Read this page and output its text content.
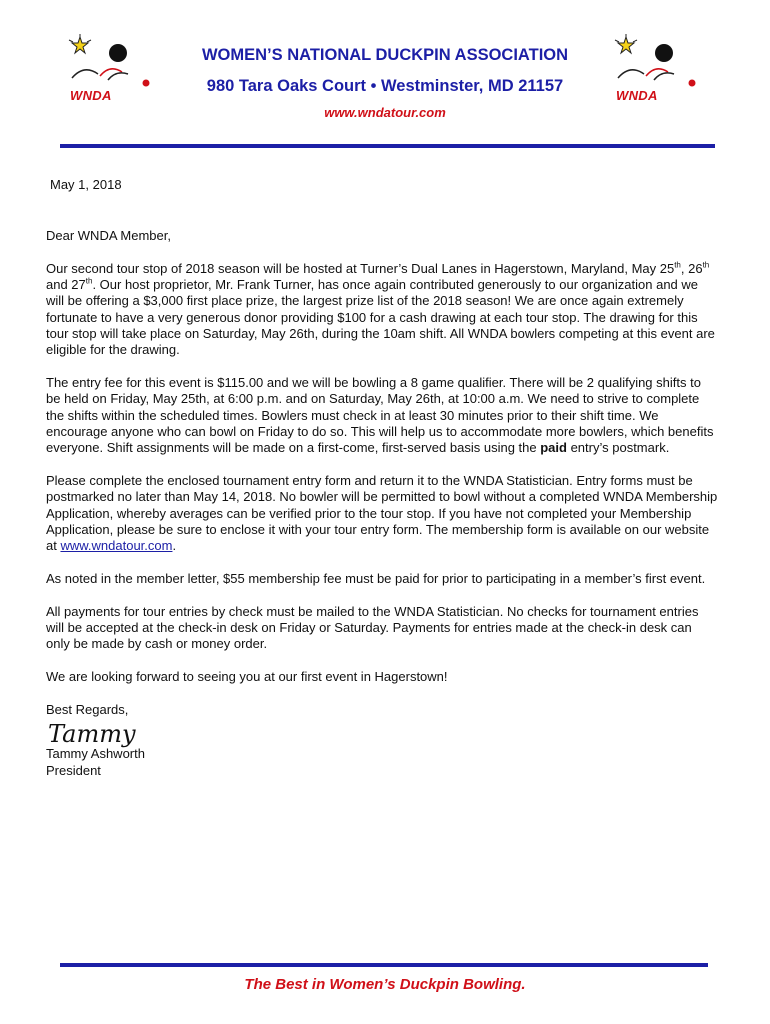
WNDA	WNDA
WOMEN’S NATIONAL DUCKPIN ASSOCIATION
980 Tara Oaks Court • Westminster, MD 21157
www.wndatour.com
May 1, 2018

Dear WNDA Member,

Our second tour stop of 2018 season will be hosted at Turner’s Dual Lanes in Hagerstown, Maryland, May 25th, 26th and 27th. Our host proprietor, Mr. Frank Turner, has once again contributed generously to our organization and we will be offering a $3,000 first place prize, the largest prize list of the 2018 season! We are once again extremely fortunate to have a very generous donor providing $100 for a cash drawing at each tour stop. The drawing for this tour stop will take place on Saturday, May 26th, during the 10am shift. All WNDA bowlers competing at this event are eligible for the drawing.

The entry fee for this event is $115.00 and we will be bowling a 8 game qualifier. There will be 2 qualifying shifts to be held on Friday, May 25th, at 6:00 p.m. and on Saturday, May 26th, at 10:00 a.m. We need to strive to complete the shifts within the scheduled times. Bowlers must check in at least 30 minutes prior to their shift time. We encourage anyone who can bowl on Friday to do so. This will help us to accommodate more bowlers, which benefits everyone. Shift assignments will be made on a first-come, first-served basis using the paid entry’s postmark.

Please complete the enclosed tournament entry form and return it to the WNDA Statistician. Entry forms must be postmarked no later than May 14, 2018. No bowler will be permitted to bowl without a completed WNDA Membership Application, whereby averages can be verified prior to the tour stop. If you have not completed your Membership Application, please be sure to enclose it with your tour entry form. The membership form is available on our website at www.wndatour.com.

As noted in the member letter, $55 membership fee must be paid for prior to participating in a member’s first event.

All payments for tour entries by check must be mailed to the WNDA Statistician. No checks for tournament entries will be accepted at the check-in desk on Friday or Saturday. Payments for entries made at the check-in desk can only be made by cash or money order.

We are looking forward to seeing you at our first event in Hagerstown!

Best Regards,

Tammy
Tammy Ashworth
President
The Best in Women’s Duckpin Bowling.
